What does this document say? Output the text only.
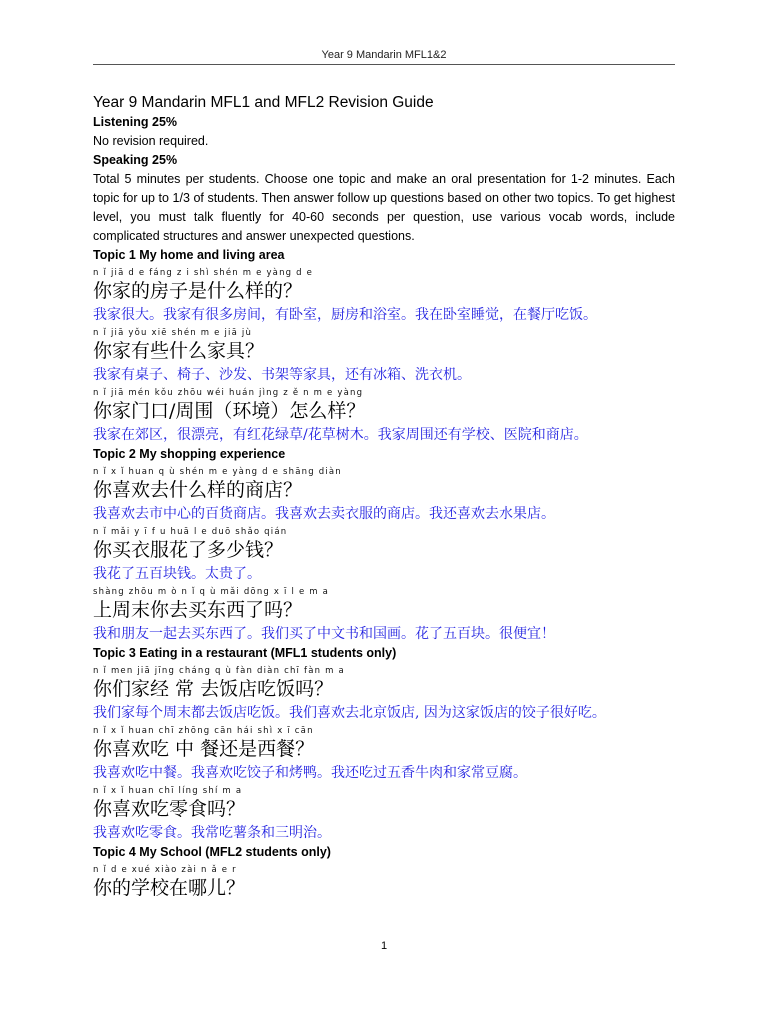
Year 9 Mandarin MFL1&2
Year 9 Mandarin MFL1 and MFL2 Revision Guide
Listening 25%
No revision required.
Speaking 25%
Total 5 minutes per students. Choose one topic and make an oral presentation for 1-2 minutes. Each topic for up to 1/3 of students. Then answer follow up questions based on other two topics. To get highest level, you must talk fluently for 40-60 seconds per question, use various vocab words, include complicated structures and answer unexpected questions.
Topic 1 My home and living area
n ǐ jiā d e fáng z i shì shén m e yàng d e
你家的房子是什么样的？
我家很大。我家有很多房间，有卧室，厨房和浴室。我在卧室睡觉，在餐厅吃饭。
n ǐ jiā yǒu xiē shén m e jiā jù
你家有些什么家具？
我家有桌子、椅子、沙发、书架等家具，还有冰箱、洗衣机。
n ǐ jiā mén kǒu zhōu wéi huán jìng z ě n m e yàng
你家门口/周围（环境）怎么样？
我家在郊区，很漂亮，有红花绿草/花草树木。我家周围还有学校、医院和商店。
Topic 2 My shopping experience
n ǐ x ǐ huan q ù shén m e yàng d e shāng diàn
你喜欢去什么样的商店？
我喜欢去市中心的百货商店。我喜欢去卖衣服的商店。我还喜欢去水果店。
n ǐ mǎi y ī f u huā l e duō shǎo qián
你买衣服花了多少钱？
我花了五百块钱。太贵了。
shàng zhōu m ò n ǐ q ù mǎi dōng x ī l e m a
上周末你去买东西了吗？
我和朋友一起去买东西了。我们买了中文书和国画。花了五百块。很便宜！
Topic 3 Eating in a restaurant (MFL1 students only)
n ǐ men jiā jīng cháng q ù fàn diàn chī fàn m a
你们家经 常 去饭店吃饭吗？
我们家每个周末都去饭店吃饭。我们喜欢去北京饭店, 因为这家饭店的饺子很好吃。
n ǐ x ǐ huan chī zhōng cān hái shì x ī cān
你喜欢吃 中 餐还是西餐？
我喜欢吃中餐。我喜欢吃饺子和烤鸭。我还吃过五香牛肉和家常豆腐。
n ǐ x ǐ huan chī líng shí m a
你喜欢吃零食吗？
我喜欢吃零食。我常吃薯条和三明治。
Topic 4 My School (MFL2 students only)
n ǐ d e xué xiào zài n ǎ e r
你的学校在哪儿？
1
